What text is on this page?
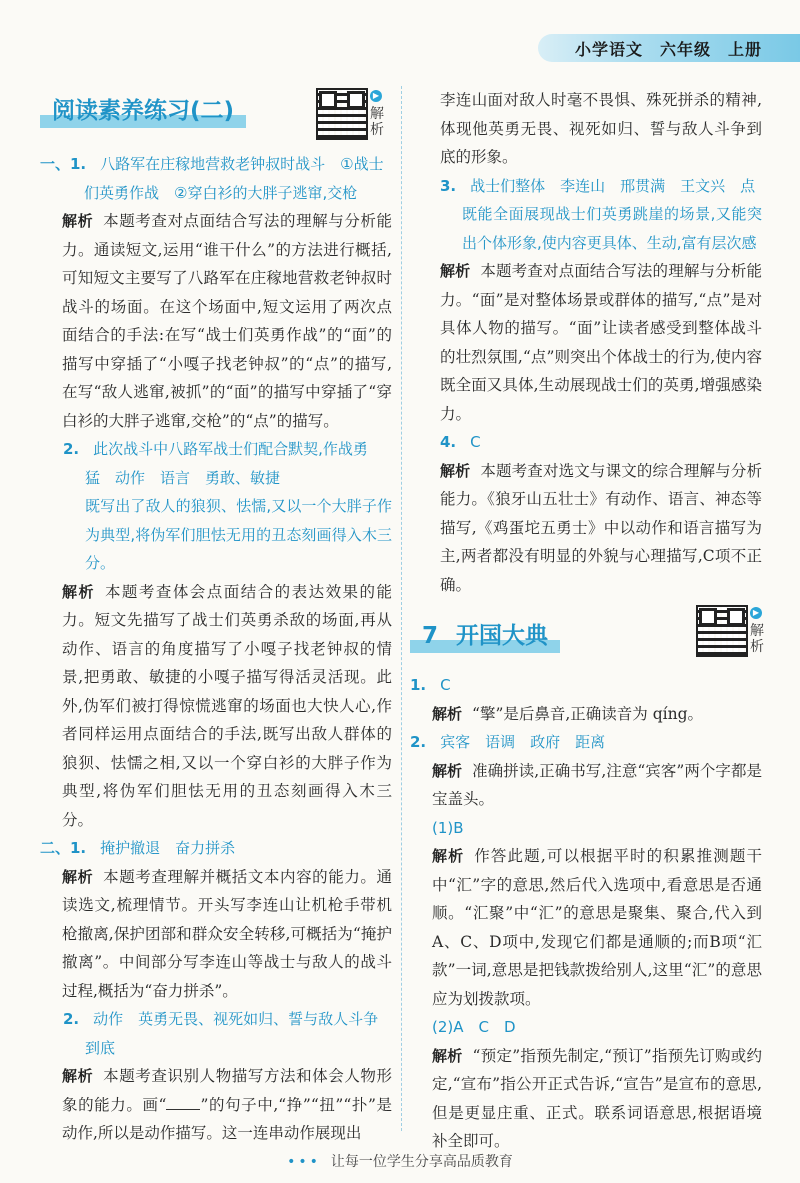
小学语文　六年级　上册
阅读素养练习(二)
▶
解析

一、1. 八路军在庄稼地营救老钟叔时战斗　①战士
们英勇作战　②穿白衫的大胖子逃窜,交枪

解析 本题考查对点面结合写法的理解与分析能力。通读短文,运用“谁干什么”的方法进行概括,可知短文主要写了八路军在庄稼地营救老钟叔时战斗的场面。在这个场面中,短文运用了两次点面结合的手法:在写“战士们英勇作战”的“面”的描写中穿插了“小嘎子找老钟叔”的“点”的描写,在写“敌人逃窜,被抓”的“面”的描写中穿插了“穿白衫的大胖子逃窜,交枪”的“点”的描写。

2. 此次战斗中八路军战士们配合默契,作战勇
猛　动作　语言　勇敢、敏捷

既写出了敌人的狼狈、怯懦,又以一个大胖子作为典型,将伪军们胆怯无用的丑态刻画得入木三分。

解析 本题考查体会点面结合的表达效果的能力。短文先描写了战士们英勇杀敌的场面,再从动作、语言的角度描写了小嘎子找老钟叔的情景,把勇敢、敏捷的小嘎子描写得活灵活现。此外,伪军们被打得惊慌逃窜的场面也大快人心,作者同样运用点面结合的手法,既写出敌人群体的狼狈、怯懦之相,又以一个穿白衫的大胖子作为典型,将伪军们胆怯无用的丑态刻画得入木三分。

二、1. 掩护撤退　奋力拼杀

解析 本题考查理解并概括文本内容的能力。通读选文,梳理情节。开头写李连山让机枪手带机枪撤离,保护团部和群众安全转移,可概括为“掩护撤离”。中间部分写李连山等战士与敌人的战斗过程,概括为“奋力拼杀”。

2. 动作　英勇无畏、视死如归、誓与敌人斗争
到底

解析 本题考查识别人物描写方法和体会人物形象的能力。画“ ”的句子中,“挣”“扭”“扑”是动作,所以是动作描写。这一连串动作展现出

李连山面对敌人时毫不畏惧、殊死拼杀的精神,体现他英勇无畏、视死如归、誓与敌人斗争到底的形象。

3. 战士们整体　李连山　邢贯满　王文兴　点

既能全面展现战士们英勇跳崖的场景,又能突出个体形象,使内容更具体、生动,富有层次感

解析 本题考查对点面结合写法的理解与分析能力。“面”是对整体场景或群体的描写,“点”是对具体人物的描写。“面”让读者感受到整体战斗的壮烈氛围,“点”则突出个体战士的行为,使内容既全面又具体,生动展现战士们的英勇,增强感染力。

4. C

解析 本题考查对选文与课文的综合理解与分析能力。《狼牙山五壮士》有动作、语言、神态等描写,《鸡蛋坨五勇士》中以动作和语言描写为主,两者都没有明显的外貌与心理描写,C项不正确。

7 开国大典
▶
解析

1. C

解析 “擎”是后鼻音,正确读音为 qíng。

2. 宾客　语调　政府　距离

解析 准确拼读,正确书写,注意“宾客”两个字都是宝盖头。

(1)B

解析 作答此题,可以根据平时的积累推测题干中“汇”字的意思,然后代入选项中,看意思是否通顺。“汇聚”中“汇”的意思是聚集、聚合,代入到A、C、D项中,发现它们都是通顺的;而B项“汇款”一词,意思是把钱款拨给别人,这里“汇”的意思应为划拨款项。

(2)A　C　D

解析 “预定”指预先制定,“预订”指预先订购或约定,“宣布”指公开正式告诉,“宣告”是宣布的意思,但是更显庄重、正式。联系词语意思,根据语境补全即可。

••• 让每一位学生分享高品质教育
